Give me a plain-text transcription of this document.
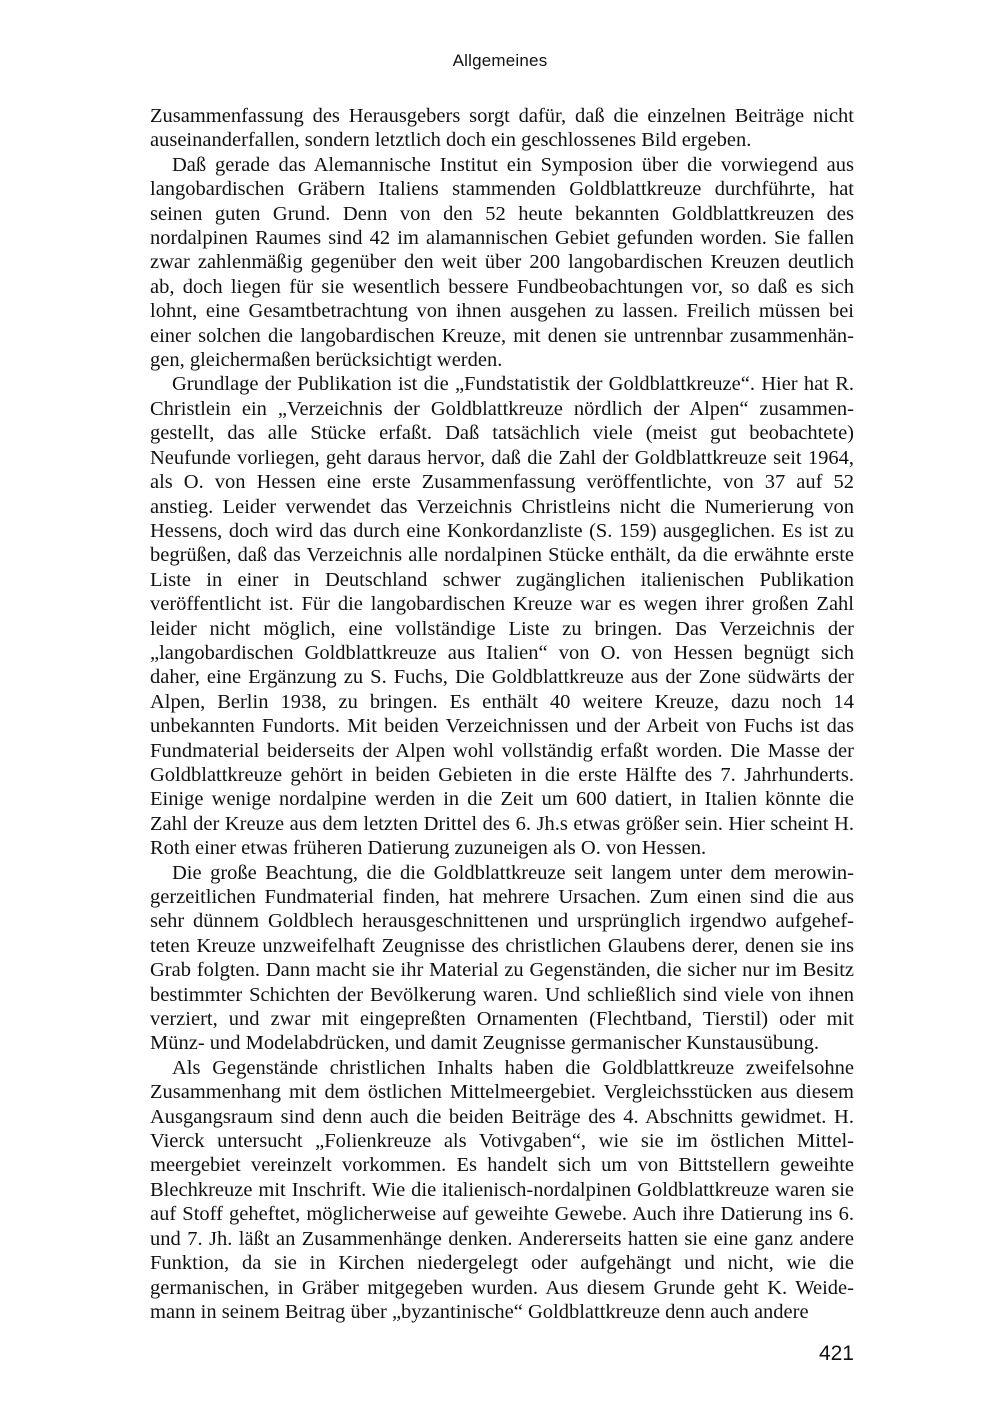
Allgemeines

Zusammenfassung des Herausgebers sorgt dafür, daß die einzelnen Beiträge nicht auseinanderfallen, sondern letztlich doch ein geschlossenes Bild ergeben.

Daß gerade das Alemannische Institut ein Symposion über die vorwiegend aus langobardischen Gräbern Italiens stammenden Goldblattkreuze durchführte, hat seinen guten Grund. Denn von den 52 heute bekannten Goldblattkreuzen des nordalpinen Raumes sind 42 im alamannischen Gebiet gefunden worden. Sie fallen zwar zahlenmäßig gegenüber den weit über 200 langobardischen Kreuzen deutlich ab, doch liegen für sie wesentlich bessere Fundbeobachtungen vor, so daß es sich lohnt, eine Gesamtbetrachtung von ihnen ausgehen zu lassen. Freilich müssen bei einer solchen die langobardischen Kreuze, mit denen sie untrennbar zusammenhängen, gleichermaßen berücksichtigt werden.

Grundlage der Publikation ist die „Fundstatistik der Goldblattkreuze“. Hier hat R. Christlein ein „Verzeichnis der Goldblattkreuze nördlich der Alpen“ zusammengestellt, das alle Stücke erfaßt. Daß tatsächlich viele (meist gut beobachtete) Neufunde vorliegen, geht daraus hervor, daß die Zahl der Goldblattkreuze seit 1964, als O. von Hessen eine erste Zusammenfassung veröffentlichte, von 37 auf 52 anstieg. Leider verwendet das Verzeichnis Christleins nicht die Numerierung von Hessens, doch wird das durch eine Konkordanzliste (S. 159) ausgeglichen. Es ist zu begrüßen, daß das Verzeichnis alle nordalpinen Stücke enthält, da die erwähnte erste Liste in einer in Deutschland schwer zugänglichen italienischen Publikation veröffentlicht ist. Für die langobardischen Kreuze war es wegen ihrer großen Zahl leider nicht möglich, eine vollständige Liste zu bringen. Das Verzeichnis der „langobardischen Goldblattkreuze aus Italien“ von O. von Hessen begnügt sich daher, eine Ergänzung zu S. Fuchs, Die Goldblattkreuze aus der Zone südwärts der Alpen, Berlin 1938, zu bringen. Es enthält 40 weitere Kreuze, dazu noch 14 unbekannten Fundorts. Mit beiden Verzeichnissen und der Arbeit von Fuchs ist das Fundmaterial beiderseits der Alpen wohl vollständig erfaßt worden. Die Masse der Goldblattkreuze gehört in beiden Gebieten in die erste Hälfte des 7. Jahrhunderts. Einige wenige nordalpine werden in die Zeit um 600 datiert, in Italien könnte die Zahl der Kreuze aus dem letzten Drittel des 6. Jh.s etwas größer sein. Hier scheint H. Roth einer etwas früheren Datierung zuzuneigen als O. von Hessen.

Die große Beachtung, die die Goldblattkreuze seit langem unter dem merowingerzeitlichen Fundmaterial finden, hat mehrere Ursachen. Zum einen sind die aus sehr dünnem Goldblech herausgeschnittenen und ursprünglich irgendwo aufgehefteten Kreuze unzweifelhaft Zeugnisse des christlichen Glaubens derer, denen sie ins Grab folgten. Dann macht sie ihr Material zu Gegenständen, die sicher nur im Besitz bestimmter Schichten der Bevölkerung waren. Und schließlich sind viele von ihnen verziert, und zwar mit eingepreßten Ornamenten (Flechtband, Tierstil) oder mit Münz- und Modelabdrücken, und damit Zeugnisse germanischer Kunstausübung.

Als Gegenstände christlichen Inhalts haben die Goldblattkreuze zweifelsohne Zusammenhang mit dem östlichen Mittelmeergebiet. Vergleichsstücken aus diesem Ausgangsraum sind denn auch die beiden Beiträge des 4. Abschnitts gewidmet. H. Vierck untersucht „Folienkreuze als Votivgaben“, wie sie im östlichen Mittelmeergebiet vereinzelt vorkommen. Es handelt sich um von Bittstellern geweihte Blechkreuze mit Inschrift. Wie die italienisch-nordalpinen Goldblattkreuze waren sie auf Stoff geheftet, möglicherweise auf geweihte Gewebe. Auch ihre Datierung ins 6. und 7. Jh. läßt an Zusammenhänge denken. Andererseits hatten sie eine ganz andere Funktion, da sie in Kirchen niedergelegt oder aufgehängt und nicht, wie die germanischen, in Gräber mitgegeben wurden. Aus diesem Grunde geht K. Weidemann in seinem Beitrag über „byzantinische“ Goldblattkreuze denn auch andere

421
